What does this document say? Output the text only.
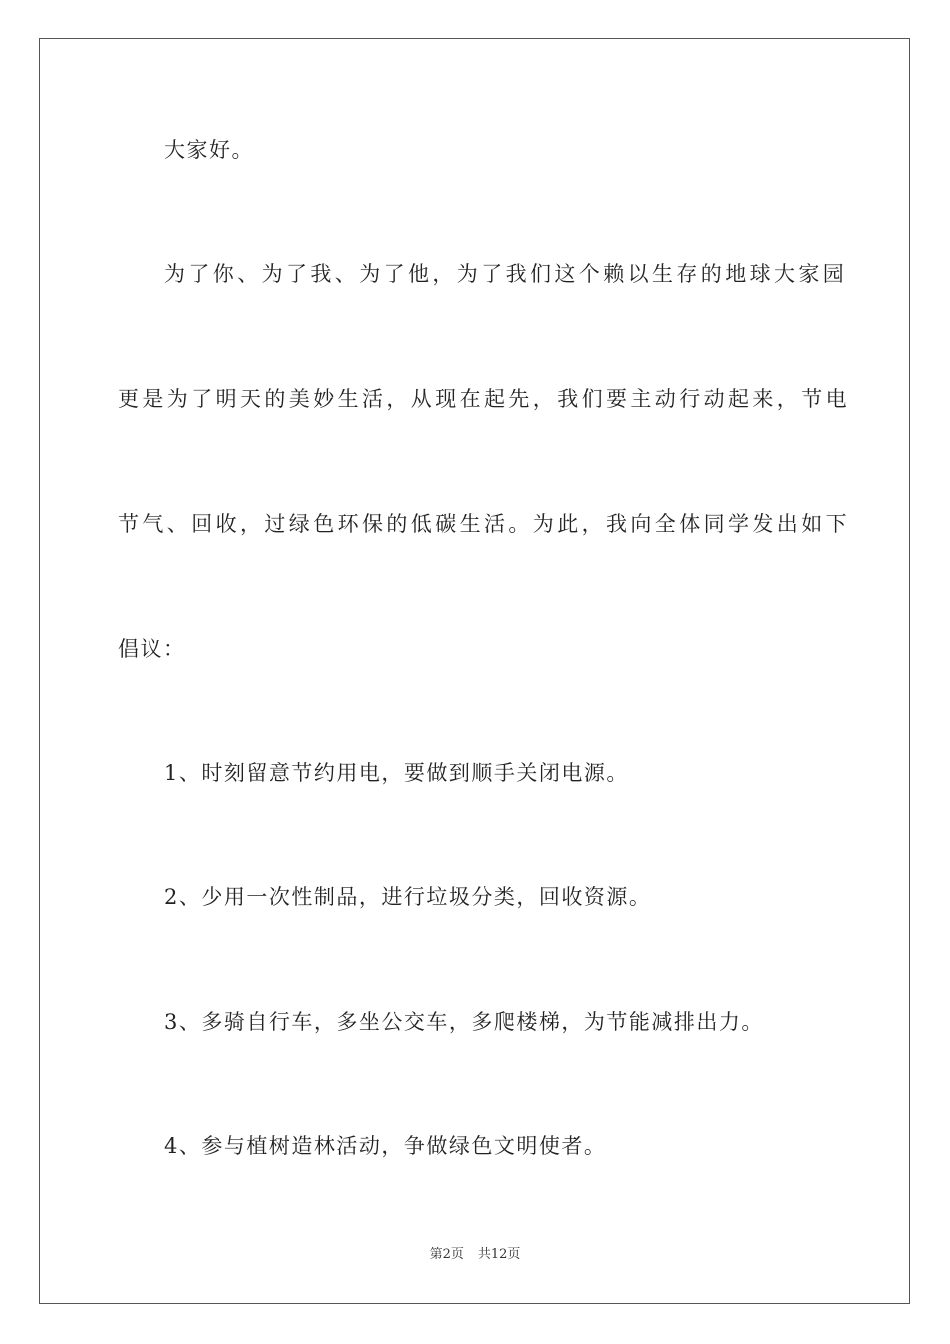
大家好。
为了你、为了我、为了他，为了我们这个赖以生存的地球大家园
更是为了明天的美妙生活，从现在起先，我们要主动行动起来，节电
节气、回收，过绿色环保的低碳生活。为此，我向全体同学发出如下
倡议：
1、时刻留意节约用电，要做到顺手关闭电源。
2、少用一次性制品，进行垃圾分类，回收资源。
3、多骑自行车，多坐公交车，多爬楼梯，为节能减排出力。
4、参与植树造林活动，争做绿色文明使者。
第2页 共12页
